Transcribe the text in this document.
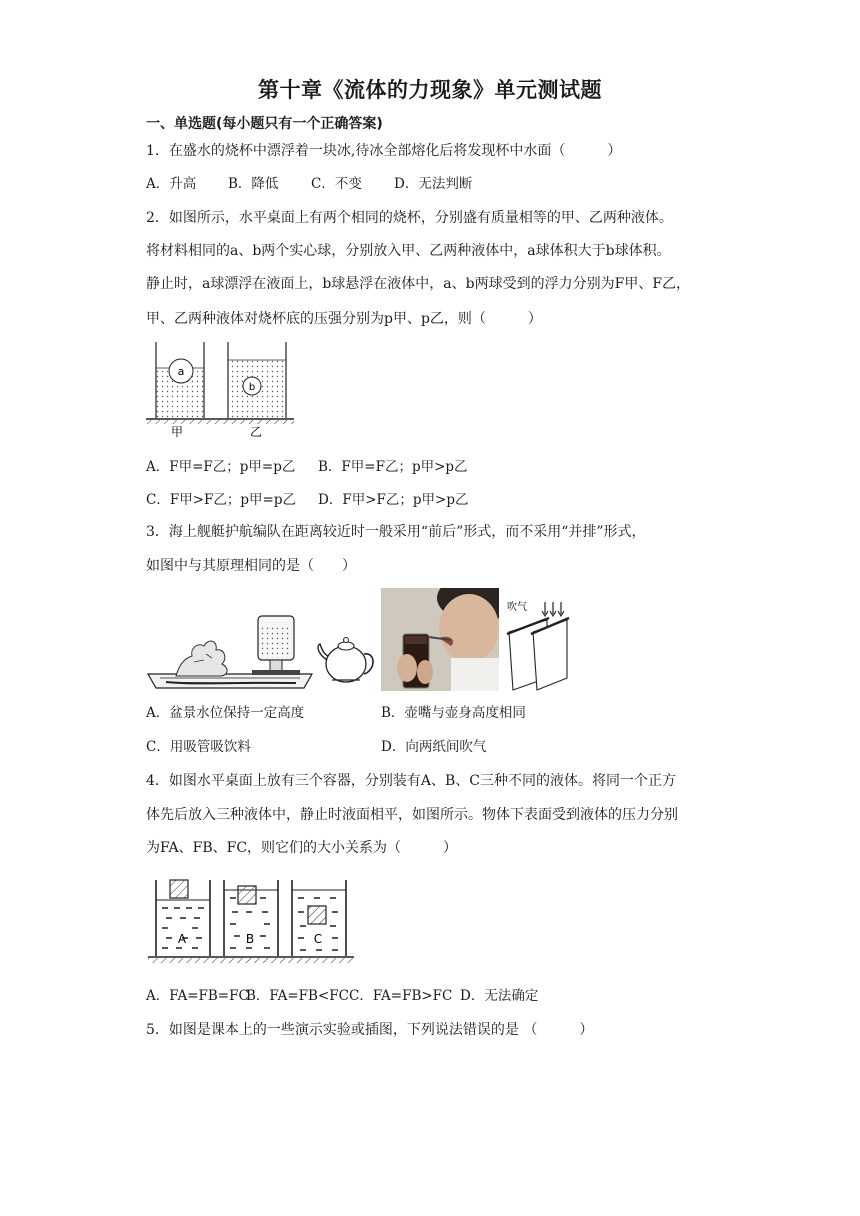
第十章《流体的力现象》单元测试题
一、单选题(每小题只有一个正确答案)
1．在盛水的烧杯中漂浮着一块冰,待冰全部熔化后将发现杯中水面（　　　）
A．升高 B．降低 C．不变 D．无法判断
2．如图所示，水平桌面上有两个相同的烧杯，分别盛有质量相等的甲、乙两种液体。
将材料相同的a、b两个实心球，分别放入甲、乙两种液体中，a球体积大于b球体积。
静止时，a球漂浮在液面上，b球悬浮在液体中，a、b两球受到的浮力分别为F甲、F乙，
甲、乙两种液体对烧杯底的压强分别为p甲、p乙，则（　　　）
a
b
甲	乙
A．F甲=F乙；p甲=p乙 B．F甲=F乙；p甲>p乙
C．F甲>F乙；p甲=p乙 D．F甲>F乙；p甲>p乙
3．海上舰艇护航编队在距离较近时一般采用“前后”形式，而不采用“并排”形式，
如图中与其原理相同的是（　　）
吹气
A．盆景水位保持一定高度	B．壶嘴与壶身高度相同
C．用吸管吸饮料	D．向两纸间吹气
4．如图水平桌面上放有三个容器，分别装有A、B、C三种不同的液体。将同一个正方
体先后放入三种液体中，静止时液面相平，如图所示。物体下表面受到液体的压力分别
为FA、FB、FC，则它们的大小关系为（　　　）
A	B	C
A．FA=FB=FC
B．FA=FB<FC C．FA=FB>FC D．无法确定
5．如图是课本上的一些演示实验或插图，下列说法错误的是 （　　　）
